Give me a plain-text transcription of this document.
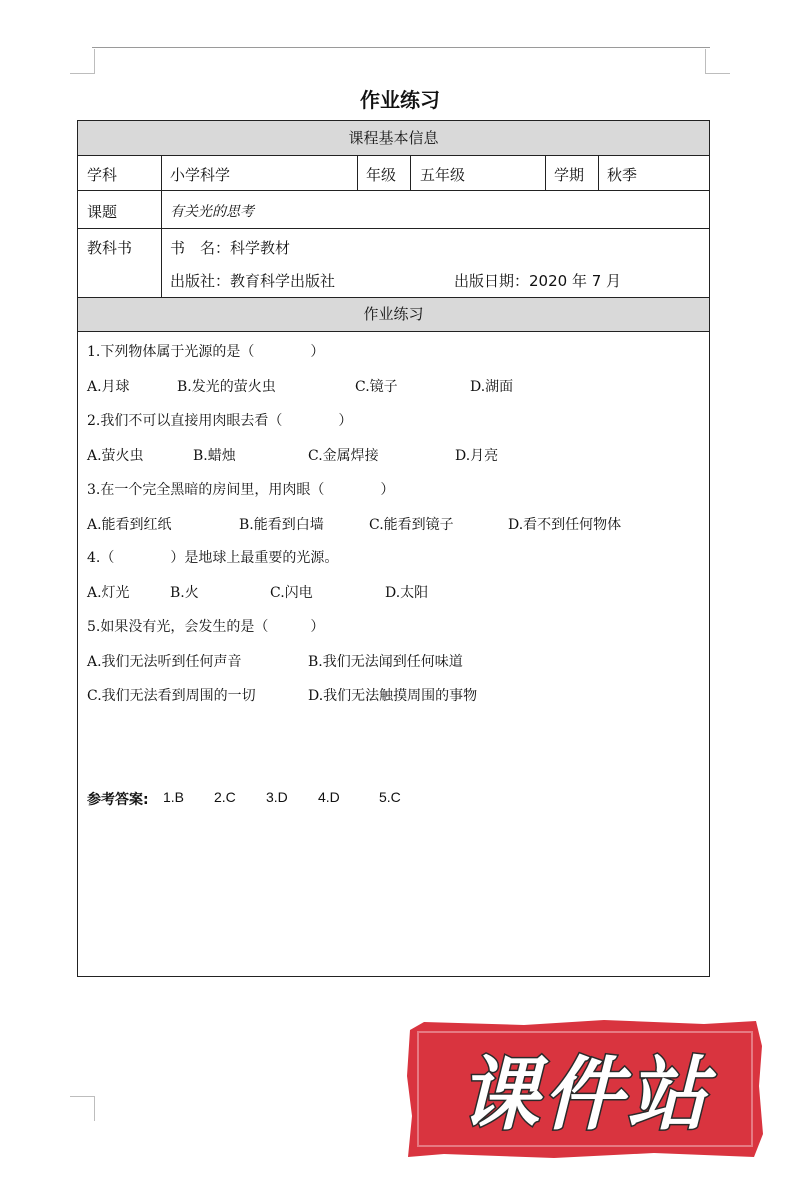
作业练习
课程基本信息
学科	小学科学	年级 五年级	学期 秋季
课题	有关光的思考
教科书	书　名：科学教材
出版社：教育科学出版社	出版日期：2020 年 7 月
作业练习
1.下列物体属于光源的是（　　　　）
A.月球	B.发光的萤火虫	C.镜子	D.湖面
2.我们不可以直接用肉眼去看（　　　　）
A.萤火虫	B.蜡烛	C.金属焊接	D.月亮
3.在一个完全黑暗的房间里，用肉眼（　　　　）
A.能看到红纸	B.能看到白墙	C.能看到镜子	D.看不到任何物体
4.（　　　　）是地球上最重要的光源。
A.灯光	B.火	C.闪电	D.太阳
5.如果没有光，会发生的是（　　　）
A.我们无法听到任何声音	B.我们无法闻到任何味道
C.我们无法看到周围的一切	D.我们无法触摸周围的事物
参考答案: 1.B 2.C 3.D 4.D	5.C
课件站
